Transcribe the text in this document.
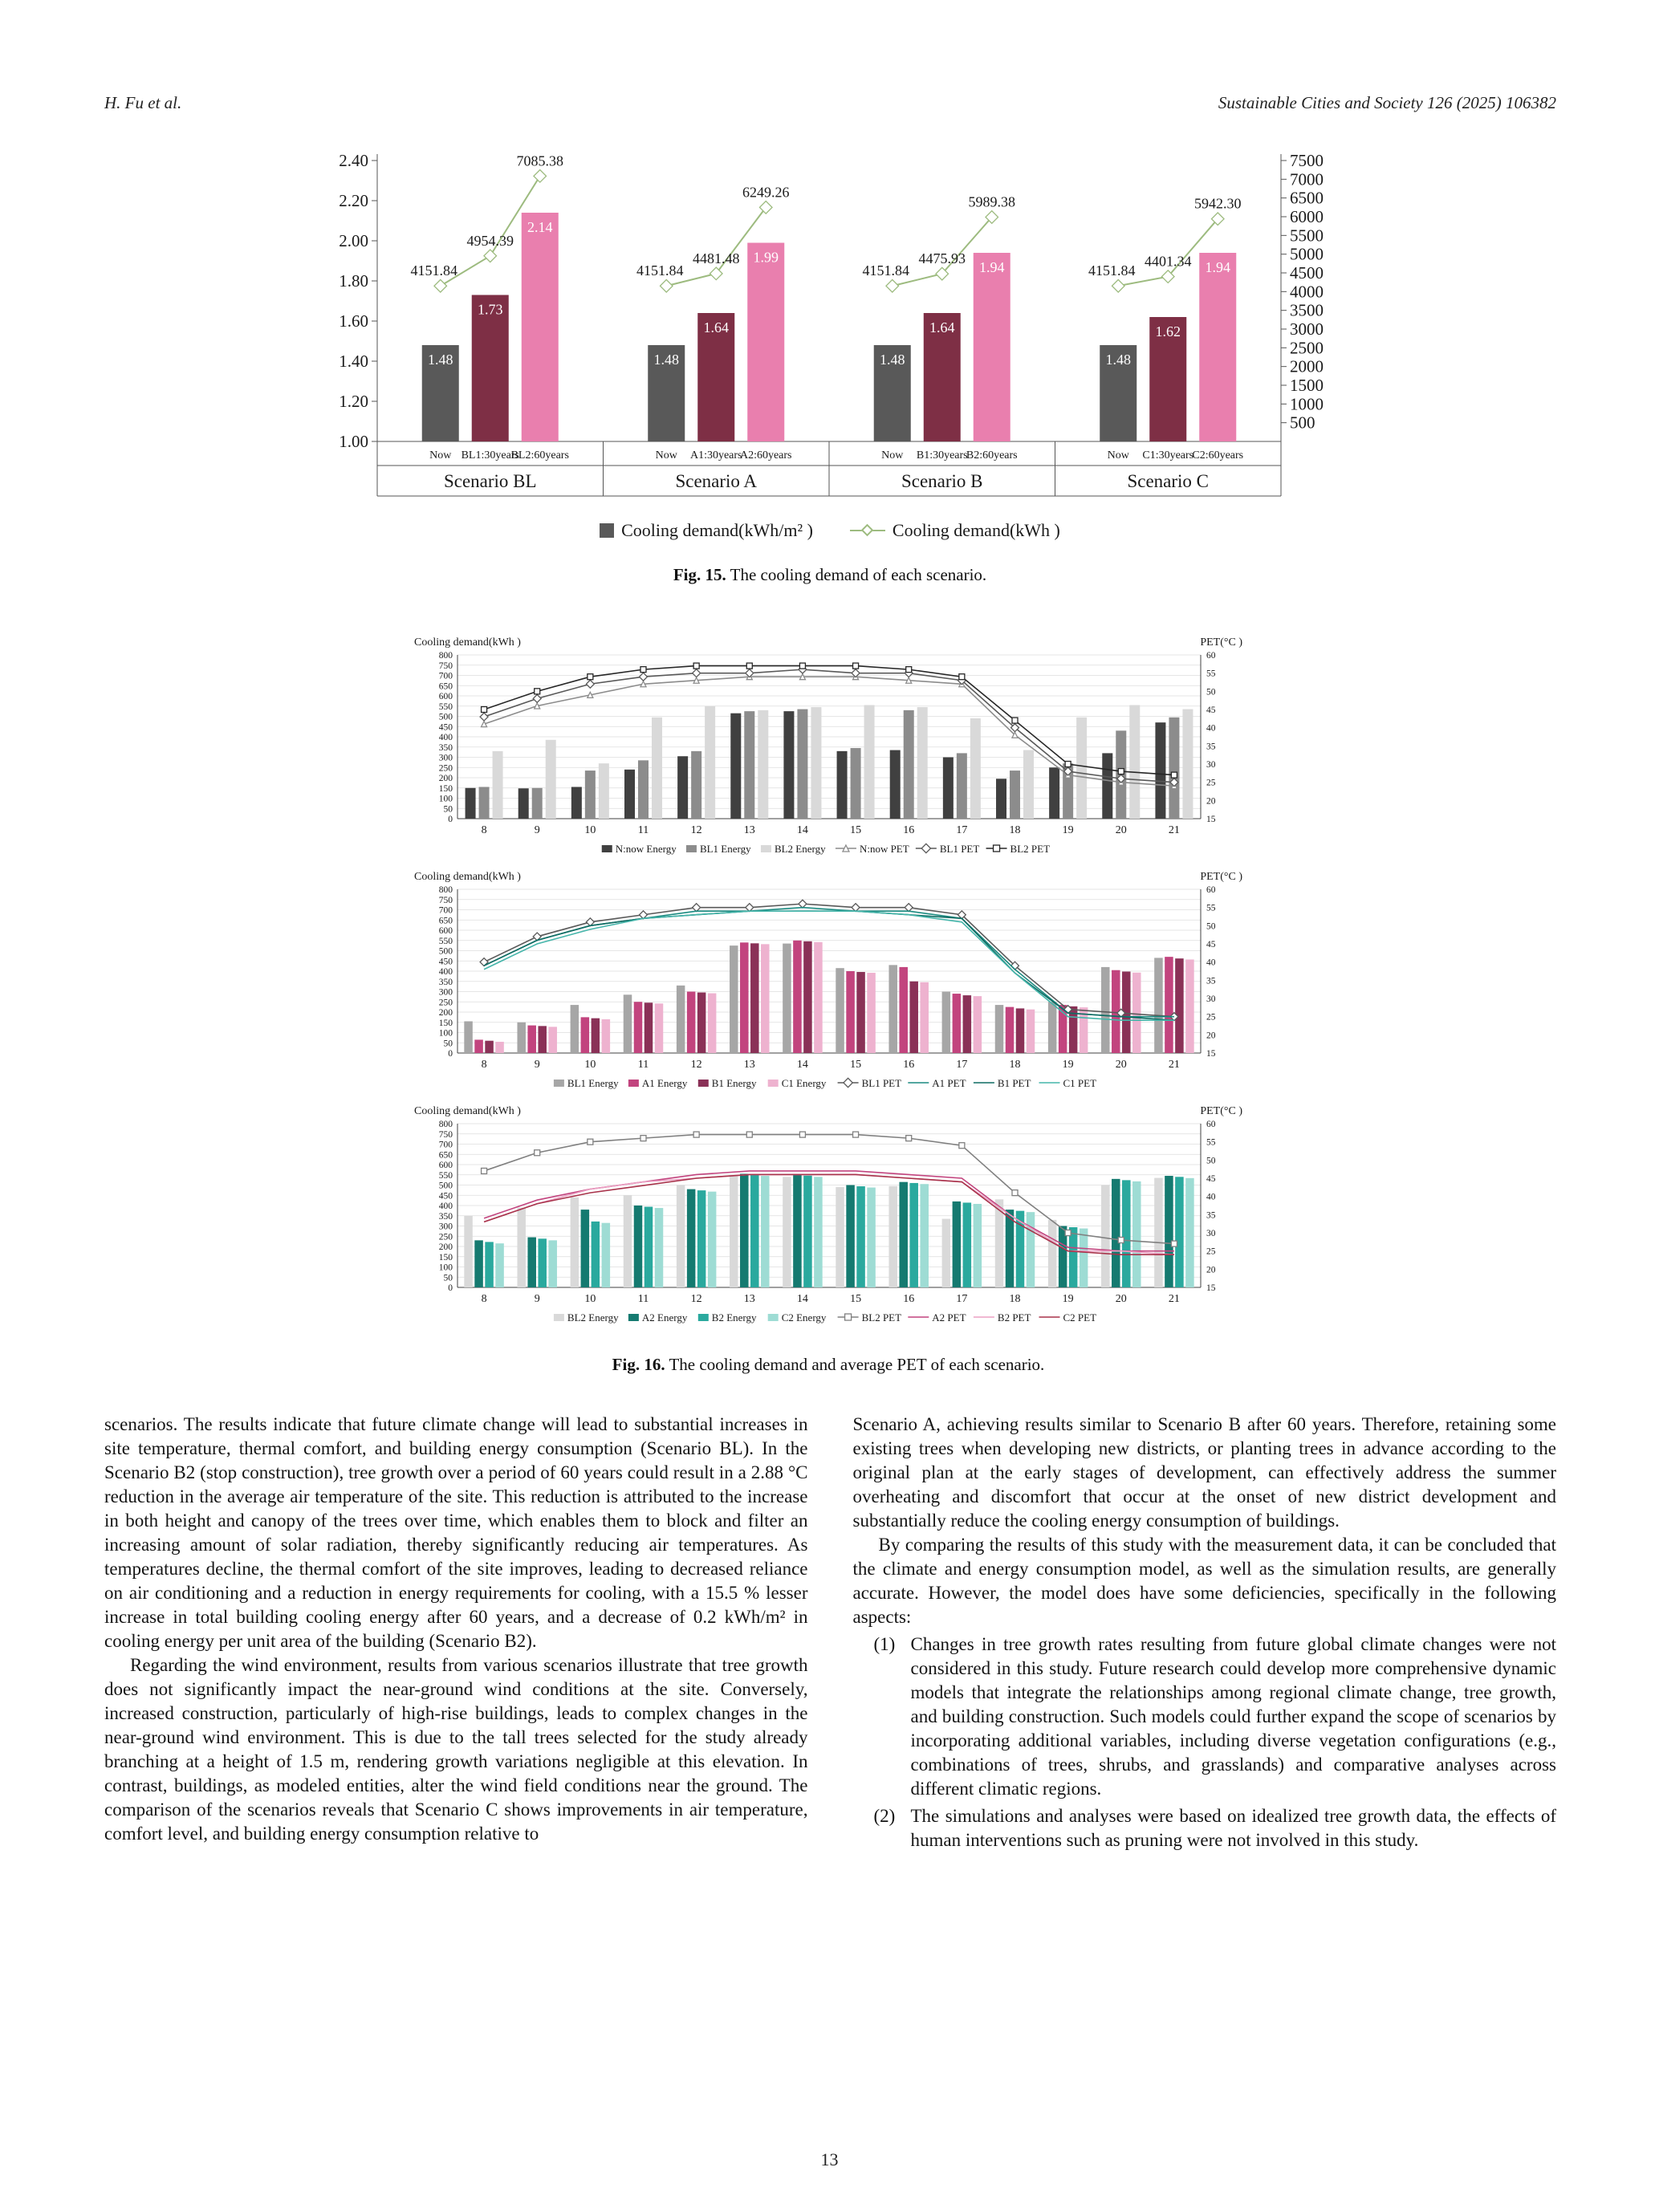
H. Fu et al.	Sustainable Cities and Society 126 (2025) 106382
1.00
1.20
1.40
1.60
1.80
2.00
2.20
2.40
500
1000
1500
2000
2500
3000
3500
4000
4500
5000
5500
6000
6500
7000
7500
1.48
Now
1.73
BL1:30years
2.14
BL2:60years
4151.84
4954.39
7085.38
Scenario BL
1.48
Now
1.64
A1:30years
1.99
A2:60years
4151.84
4481.48
6249.26
Scenario A
1.48
Now
1.64
B1:30years
1.94
B2:60years
4151.84
4475.93
5989.38
Scenario B
1.48
Now
1.62
C1:30years
1.94
C2:60years
4151.84
4401.34
5942.30
Scenario C
Cooling demand(kWh/m² )	Cooling demand(kWh )
Fig. 15. The cooling demand of each scenario.
0
50
100
150
200
250
300
350
400
450
500
550
600
650
700
750
800
15
20
25
30
35
40
45
50
55
60
Cooling demand(kWh )	PET(°C )
8	9	10	11	12	13	14	15	16	17	18	19	20	21
N:now Energy BL1 Energy BL2 Energy	N:now PET	BL1 PET	BL2 PET
0
50
100
150
200
250
300
350
400
450
500
550
600
650
700
750
800
15
20
25
30
35
40
45
50
55
60
Cooling demand(kWh )	PET(°C )
8	9	10	11	12	13	14	15	16	17	18	19	20	21
BL1 Energy A1 Energy B1 Energy C1 Energy	BL1 PET	A1 PET	B1 PET	C1 PET
0
50
100
150
200
250
300
350
400
450
500
550
600
650
700
750
800
15
20
25
30
35
40
45
50
55
60
Cooling demand(kWh )	PET(°C )
8	9	10	11	12	13	14	15	16	17	18	19	20	21
BL2 Energy A2 Energy B2 Energy C2 Energy	BL2 PET	A2 PET	B2 PET	C2 PET
Fig. 16. The cooling demand and average PET of each scenario.

scenarios. The results indicate that future climate change will lead to substantial increases in site temperature, thermal comfort, and building energy consumption (Scenario BL). In the Scenario B2 (stop construction), tree growth over a period of 60 years could result in a 2.88 °C reduction in the average air temperature of the site. This reduction is attributed to the increase in both height and canopy of the trees over time, which enables them to block and filter an increasing amount of solar radiation, thereby significantly reducing air temperatures. As temperatures decline, the thermal comfort of the site improves, leading to decreased reliance on air conditioning and a reduction in energy requirements for cooling, with a 15.5 % lesser increase in total building cooling energy after 60 years, and a decrease of 0.2 kWh/m² in cooling energy per unit area of the building (Scenario B2).

Regarding the wind environment, results from various scenarios illustrate that tree growth does not significantly impact the near-ground wind conditions at the site. Conversely, increased construction, particularly of high-rise buildings, leads to complex changes in the near-ground wind environment. This is due to the tall trees selected for the study already branching at a height of 1.5 m, rendering growth variations negligible at this elevation. In contrast, buildings, as modeled entities, alter the wind field conditions near the ground. The comparison of the scenarios reveals that Scenario C shows improvements in air temperature, comfort level, and building energy consumption relative to

Scenario A, achieving results similar to Scenario B after 60 years. Therefore, retaining some existing trees when developing new districts, or planting trees in advance according to the original plan at the early stages of development, can effectively address the summer overheating and discomfort that occur at the onset of new district development and substantially reduce the cooling energy consumption of buildings.

By comparing the results of this study with the measurement data, it can be concluded that the climate and energy consumption model, as well as the simulation results, are generally accurate. However, the model does have some deficiencies, specifically in the following aspects:

(1) Changes in tree growth rates resulting from future global climate changes were not considered in this study. Future research could develop more comprehensive dynamic models that integrate the relationships among regional climate change, tree growth, and building construction. Such models could further expand the scope of scenarios by incorporating additional variables, including diverse vegetation configurations (e.g., combinations of trees, shrubs, and grasslands) and comparative analyses across different climatic regions.
(2) The simulations and analyses were based on idealized tree growth data, the effects of human interventions such as pruning were not involved in this study.
13
